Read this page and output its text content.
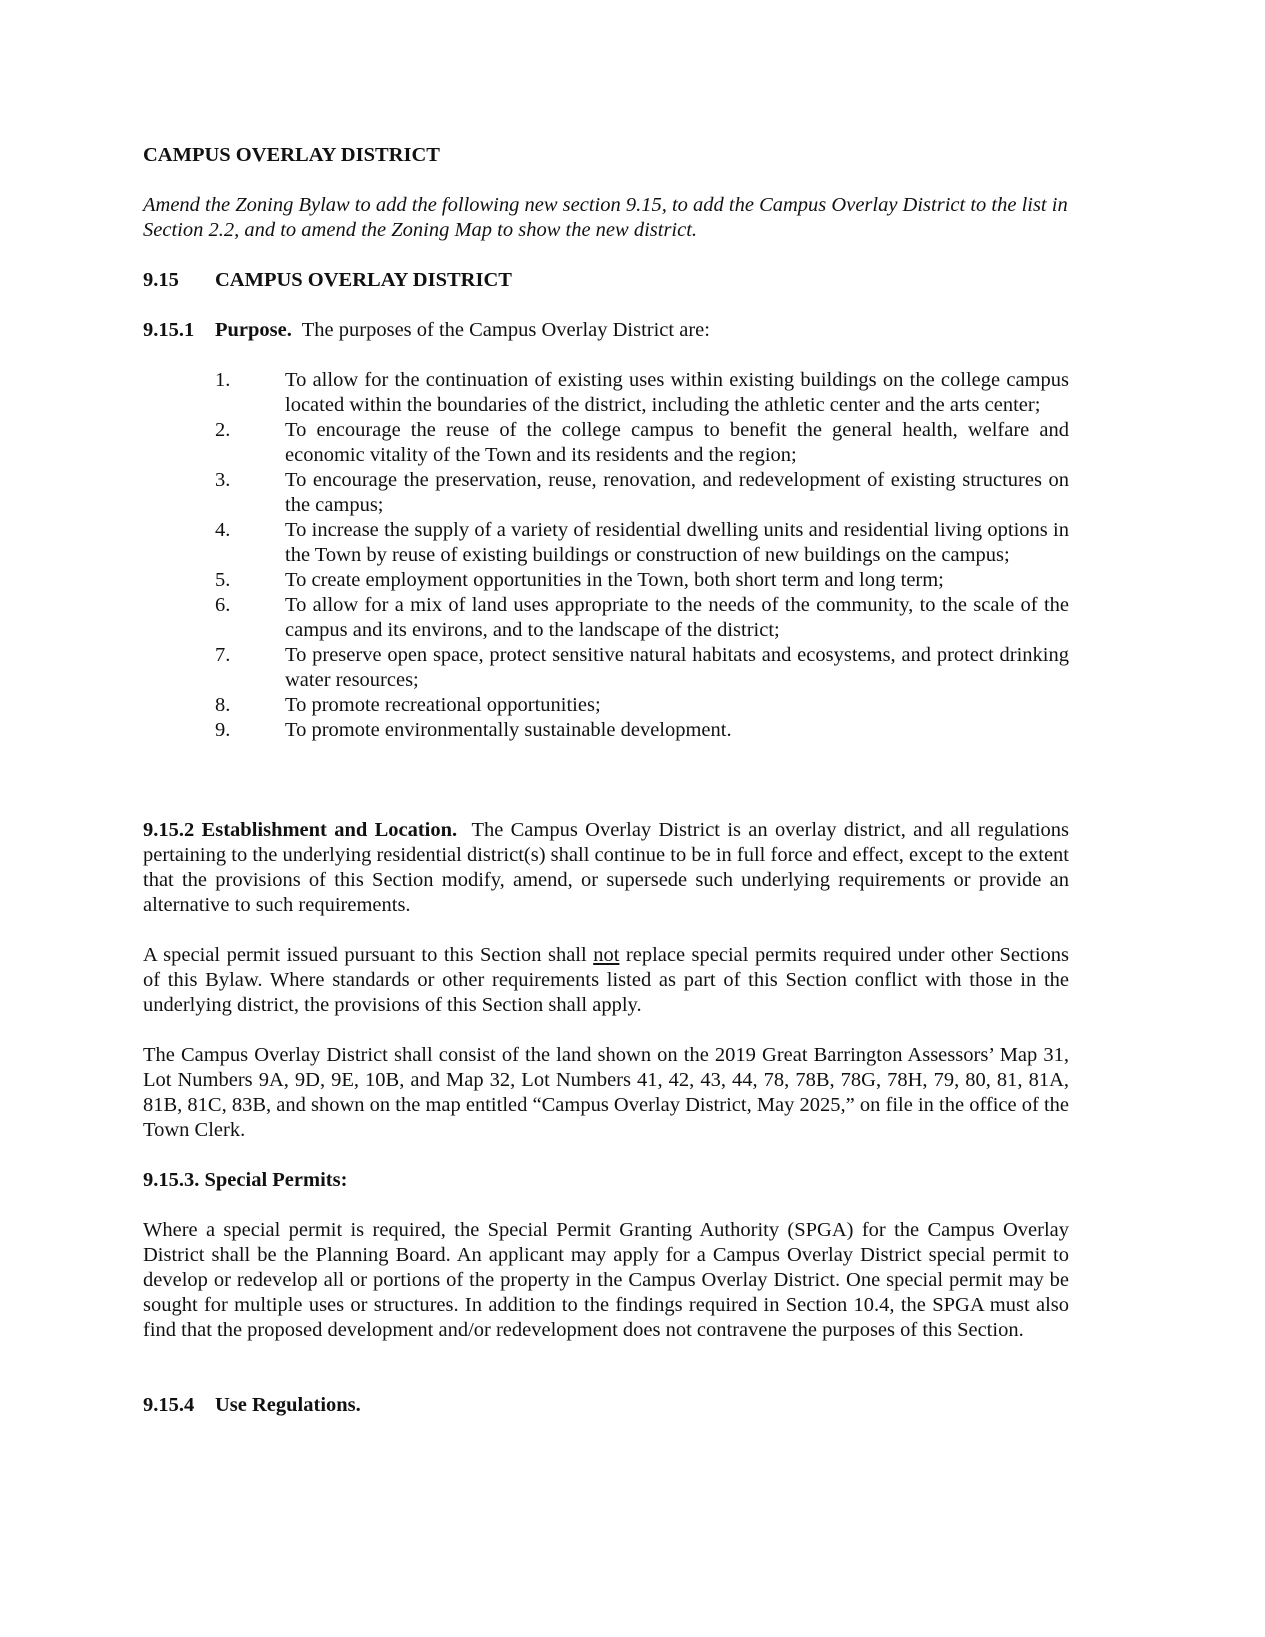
CAMPUS OVERLAY DISTRICT
Amend the Zoning Bylaw to add the following new section 9.15, to add the Campus Overlay District to the list in Section 2.2, and to amend the Zoning Map to show the new district.
9.15 CAMPUS OVERLAY DISTRICT
9.15.1 Purpose. The purposes of the Campus Overlay District are:
1.	To allow for the continuation of existing uses within existing buildings on the college campus located within the boundaries of the district, including the athletic center and the arts center;
2.	To encourage the reuse of the college campus to benefit the general health, welfare and economic vitality of the Town and its residents and the region;
3.	To encourage the preservation, reuse, renovation, and redevelopment of existing structures on the campus;
4.	To increase the supply of a variety of residential dwelling units and residential living options in the Town by reuse of existing buildings or construction of new buildings on the campus;
5.	To create employment opportunities in the Town, both short term and long term;
6.	To allow for a mix of land uses appropriate to the needs of the community, to the scale of the campus and its environs, and to the landscape of the district;
7.	To preserve open space, protect sensitive natural habitats and ecosystems, and protect drinking water resources;
8.	To promote recreational opportunities;
9.	To promote environmentally sustainable development.
9.15.2 Establishment and Location. The Campus Overlay District is an overlay district, and all regulations pertaining to the underlying residential district(s) shall continue to be in full force and effect, except to the extent that the provisions of this Section modify, amend, or supersede such underlying requirements or provide an alternative to such requirements.
A special permit issued pursuant to this Section shall not replace special permits required under other Sections of this Bylaw. Where standards or other requirements listed as part of this Section conflict with those in the underlying district, the provisions of this Section shall apply.
The Campus Overlay District shall consist of the land shown on the 2019 Great Barrington Assessors’ Map 31, Lot Numbers 9A, 9D, 9E, 10B, and Map 32, Lot Numbers 41, 42, 43, 44, 78, 78B, 78G, 78H, 79, 80, 81, 81A, 81B, 81C, 83B, and shown on the map entitled “Campus Overlay District, May 2025,” on file in the office of the Town Clerk.
9.15.3. Special Permits:
Where a special permit is required, the Special Permit Granting Authority (SPGA) for the Campus Overlay District shall be the Planning Board. An applicant may apply for a Campus Overlay District special permit to develop or redevelop all or portions of the property in the Campus Overlay District. One special permit may be sought for multiple uses or structures. In addition to the findings required in Section 10.4, the SPGA must also find that the proposed development and/or redevelopment does not contravene the purposes of this Section.
9.15.4 Use Regulations.
